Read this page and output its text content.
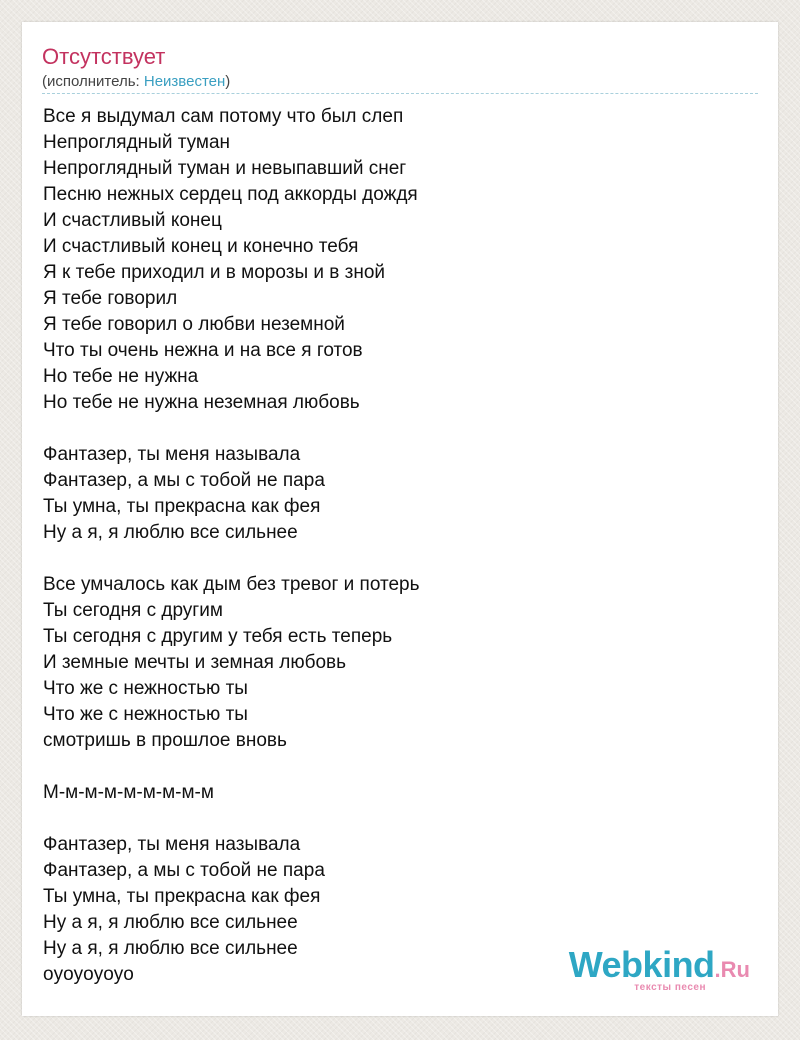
Отсутствует
(исполнитель: Неизвестен)
Все я выдумал сам потому что был слеп
Непроглядный туман
Непроглядный туман и невыпавший снег
Песню нежных сердец под аккорды дождя
И счастливый конец
И счастливый конец и конечно тебя
Я к тебе приходил и в морозы и в зной
Я тебе говорил
Я тебе говорил о любви неземной
Что ты очень нежна и на все я готов
Но тебе не нужна
Но тебе не нужна неземная любовь
Фантазер, ты меня называла
Фантазер, а мы с тобой не пара
Ты умна, ты прекрасна как фея
Ну а я, я люблю все сильнее
Все умчалось как дым без тревог и потерь
Ты сегодня с другим
Ты сегодня с другим у тебя есть теперь
И земные мечты и земная любовь
Что же с нежностью ты
Что же с нежностью ты
смотришь в прошлое вновь
М-м-м-м-м-м-м-м-м
Фантазер, ты меня называла
Фантазер, а мы с тобой не пара
Ты умна, ты прекрасна как фея
Ну а я, я люблю все сильнее
Ну а я, я люблю все сильнее
oyoyoyoyo	Webkind.Ru
тексты песен
